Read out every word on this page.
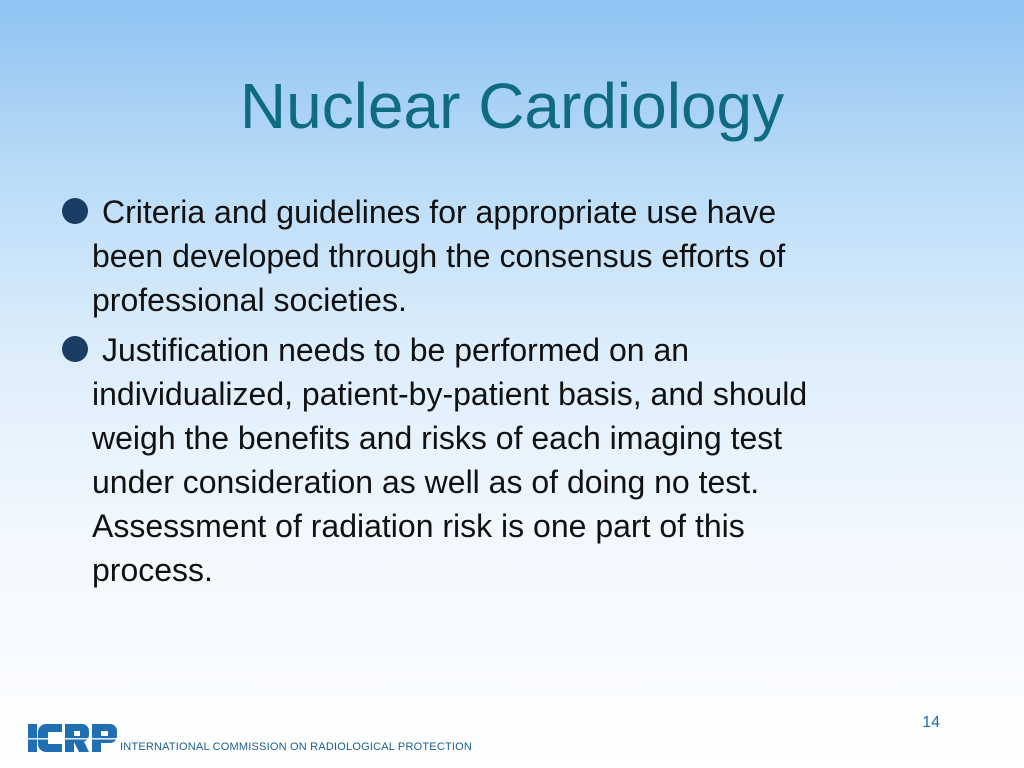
Nuclear Cardiology
Criteria and guidelines for appropriate use have
been developed through the consensus efforts of
professional societies.
Justification needs to be performed on an
individualized, patient-by-patient basis, and should
weigh the benefits and risks of each imaging test
under consideration as well as of doing no test.
Assessment of radiation risk is one part of this
process.
14
INTERNATIONAL COMMISSION ON RADIOLOGICAL PROTECTION
